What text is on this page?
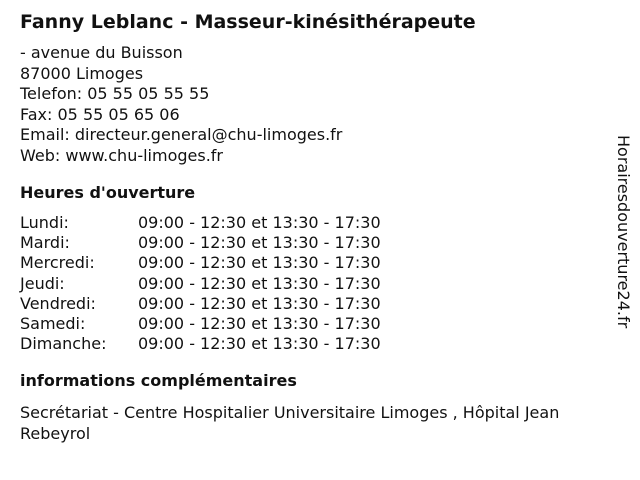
Fanny Leblanc - Masseur-kinésithérapeute
- avenue du Buisson
87000 Limoges
Telefon: 05 55 05 55 55
Fax: 05 55 05 65 06
Email: directeur.general@chu-limoges.fr
Web: www.chu-limoges.fr
Heures d'ouverture
Lundi:	09:00 - 12:30 et 13:30 - 17:30
Mardi:	09:00 - 12:30 et 13:30 - 17:30
Mercredi:	09:00 - 12:30 et 13:30 - 17:30
Jeudi:	09:00 - 12:30 et 13:30 - 17:30
Vendredi:	09:00 - 12:30 et 13:30 - 17:30
Samedi:	09:00 - 12:30 et 13:30 - 17:30
Dimanche:	09:00 - 12:30 et 13:30 - 17:30
informations complémentaires
Secrétariat - Centre Hospitalier Universitaire Limoges , Hôpital Jean Rebeyrol
Horairesdouverture24.fr
